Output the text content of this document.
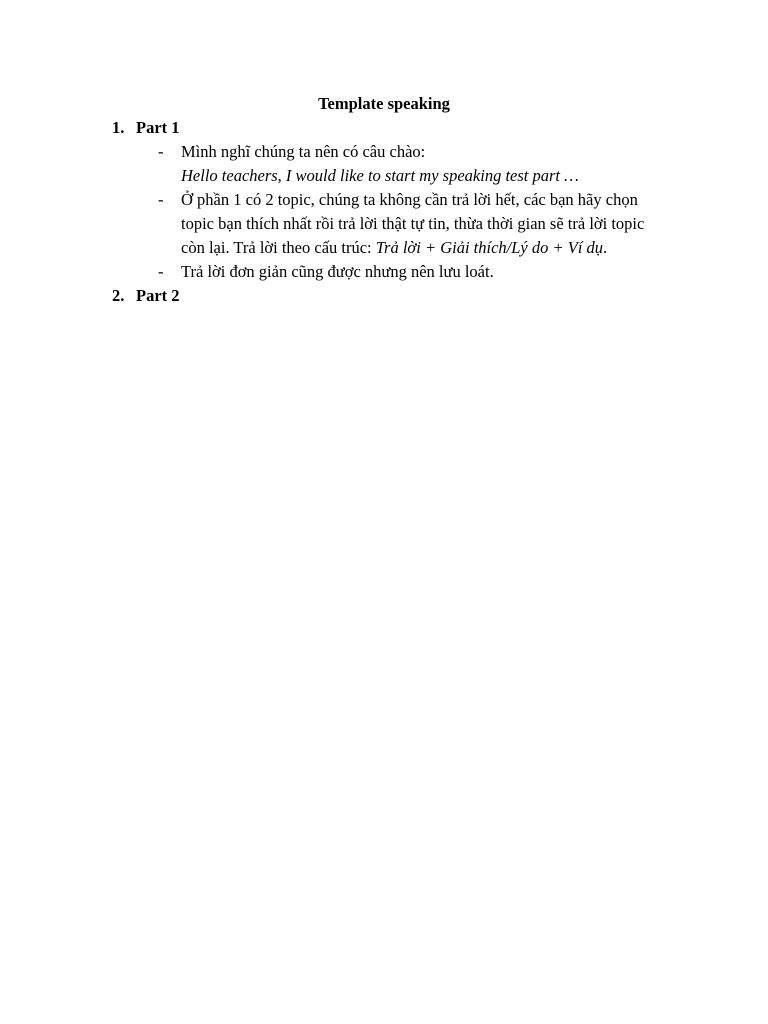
Template speaking
1. Part 1
- Mình nghĩ chúng ta nên có câu chào:
Hello teachers, I would like to start my speaking test part …
- Ở phần 1 có 2 topic, chúng ta không cần trả lời hết, các bạn hãy chọn
topic bạn thích nhất rồi trả lời thật tự tin, thừa thời gian sẽ trả lời topic
còn lại. Trả lời theo cấu trúc: Trả lời + Giải thích/Lý do + Ví dụ.
- Trả lời đơn giản cũng được nhưng nên lưu loát.
2. Part 2
